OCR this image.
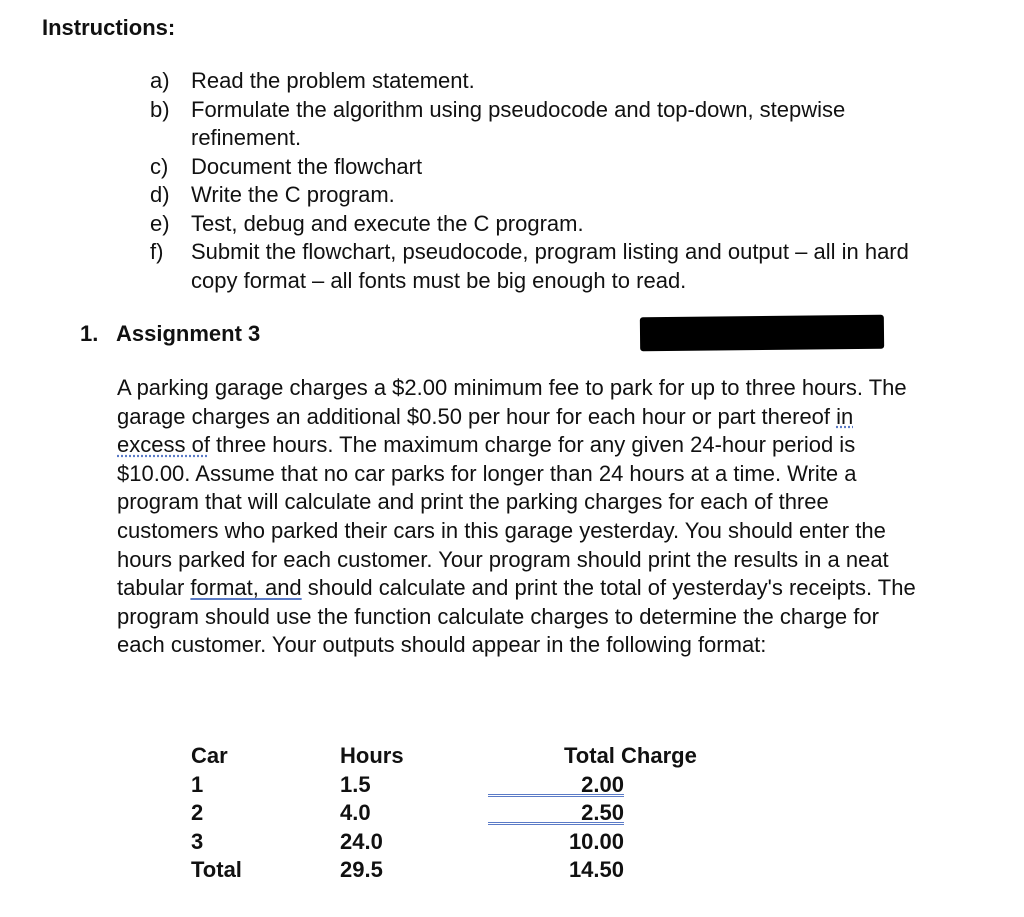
Instructions:
a) Read the problem statement.
b) Formulate the algorithm using pseudocode and top-down, stepwise refinement.
c) Document the flowchart
d) Write the C program.
e) Test, debug and execute the C program.
f) Submit the flowchart, pseudocode, program listing and output – all in hard copy format – all fonts must be big enough to read.
1. Assignment 3

A parking garage charges a $2.00 minimum fee to park for up to three hours. The garage charges an additional $0.50 per hour for each hour or part thereof in excess of three hours. The maximum charge for any given 24-hour period is $10.00. Assume that no car parks for longer than 24 hours at a time. Write a program that will calculate and print the parking charges for each of three customers who parked their cars in this garage yesterday. You should enter the hours parked for each customer. Your program should print the results in a neat tabular format, and should calculate and print the total of yesterday's receipts. The program should use the function calculate charges to determine the charge for each customer. Your outputs should appear in the following format:

Car	Hours	Total Charge
1	1.5	2.00
2	4.0	2.50
3	24.0	10.00
Total	29.5	14.50
